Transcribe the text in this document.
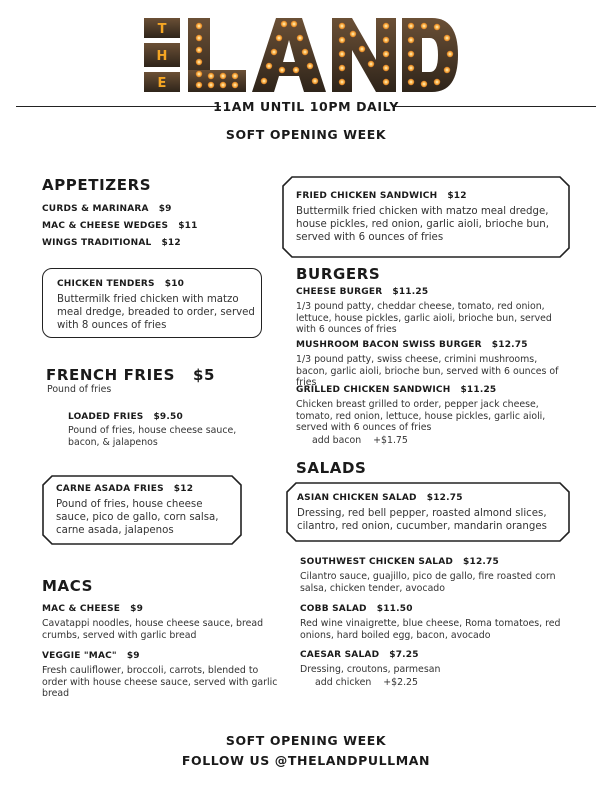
T
H
E
11AM UNTIL 10PM DAILY
SOFT OPENING WEEK
APPETIZERS
CURDS & MARINARA $9
MAC & CHEESE WEDGES $11
WINGS TRADITIONAL $12
CHICKEN TENDERS $10
Buttermilk fried chicken with matzo meal dredge, breaded to order, served with 8 ounces of fries
FRENCH FRIES $5
Pound of fries
LOADED FRIES $9.50
Pound of fries, house cheese sauce, bacon, & jalapenos
CARNE ASADA FRIES $12
Pound of fries, house cheese sauce, pico de gallo, corn salsa, carne asada, jalapenos
MACS
MAC & CHEESE $9
Cavatappi noodles, house cheese sauce, bread crumbs, served with garlic bread
VEGGIE "MAC" $9
Fresh cauliflower, broccoli, carrots, blended to order with house cheese sauce, served with garlic bread
FRIED CHICKEN SANDWICH $12
Buttermilk fried chicken with matzo meal dredge, house pickles, red onion, garlic aioli, brioche bun, served with 6 ounces of fries
BURGERS
CHEESE BURGER $11.25
1/3 pound patty, cheddar cheese, tomato, red onion, lettuce, house pickles, garlic aioli, brioche bun, served with 6 ounces of fries
MUSHROOM BACON SWISS BURGER $12.75
1/3 pound patty, swiss cheese, crimini mushrooms, bacon, garlic aioli, brioche bun, served with 6 ounces of fries
GRILLED CHICKEN SANDWICH $11.25
Chicken breast grilled to order, pepper jack cheese, tomato, red onion, lettuce, house pickles, garlic aioli, served with 6 ounces of fries
add bacon +$1.75
SALADS
ASIAN CHICKEN SALAD $12.75
Dressing, red bell pepper, roasted almond slices, cilantro, red onion, cucumber, mandarin oranges
SOUTHWEST CHICKEN SALAD $12.75
Cilantro sauce, guajillo, pico de gallo, fire roasted corn salsa, chicken tender, avocado
COBB SALAD $11.50
Red wine vinaigrette, blue cheese, Roma tomatoes, red onions, hard boiled egg, bacon, avocado
CAESAR SALAD $7.25
Dressing, croutons, parmesan
add chicken +$2.25
SOFT OPENING WEEK
FOLLOW US @THELANDPULLMAN
